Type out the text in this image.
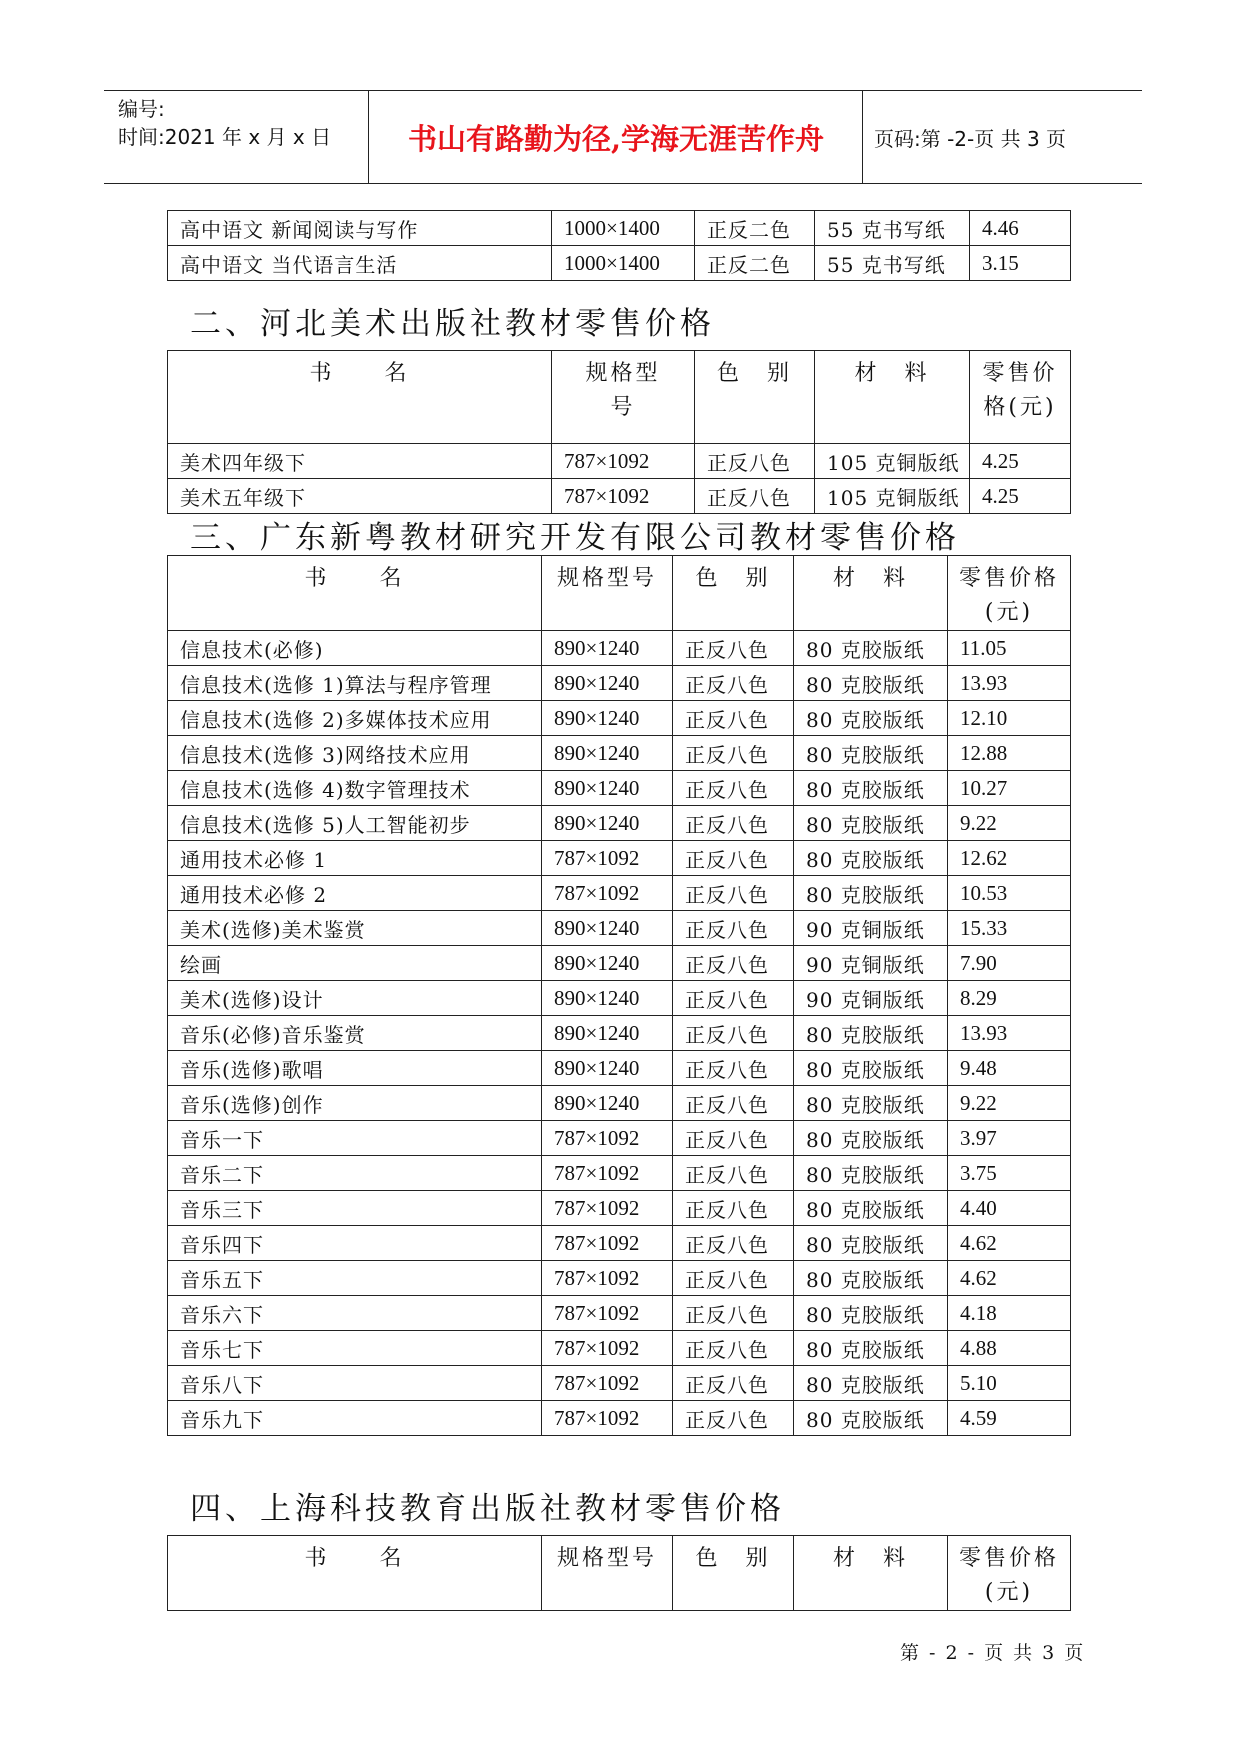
编号:
时间:2021 年 x 月 x 日	书山有路勤为径,学海无涯苦作舟	页码:第 -2-页 共 3 页
高中语文 新闻阅读与写作	1000×1400	正反二色	55 克书写纸	4.46
高中语文 当代语言生活	1000×1400	正反二色	55 克书写纸	3.15
二、河北美术出版社教材零售价格
书　　名	规格型号	色　别	材　料	零售价格(元)
美术四年级下	787×1092	正反八色	105 克铜版纸	4.25
美术五年级下	787×1092	正反八色	105 克铜版纸	4.25
三、广东新粤教材研究开发有限公司教材零售价格
书　　名	规格型号	色　别	材　料	零售价格(元)
信息技术(必修)	890×1240	正反八色	80 克胶版纸	11.05
信息技术(选修 1)算法与程序管理	890×1240	正反八色	80 克胶版纸	13.93
信息技术(选修 2)多媒体技术应用	890×1240	正反八色	80 克胶版纸	12.10
信息技术(选修 3)网络技术应用	890×1240	正反八色	80 克胶版纸	12.88
信息技术(选修 4)数字管理技术	890×1240	正反八色	80 克胶版纸	10.27
信息技术(选修 5)人工智能初步	890×1240	正反八色	80 克胶版纸	9.22
通用技术必修 1	787×1092	正反八色	80 克胶版纸	12.62
通用技术必修 2	787×1092	正反八色	80 克胶版纸	10.53
美术(选修)美术鉴赏	890×1240	正反八色	90 克铜版纸	15.33
绘画	890×1240	正反八色	90 克铜版纸	7.90
美术(选修)设计	890×1240	正反八色	90 克铜版纸	8.29
音乐(必修)音乐鉴赏	890×1240	正反八色	80 克胶版纸	13.93
音乐(选修)歌唱	890×1240	正反八色	80 克胶版纸	9.48
音乐(选修)创作	890×1240	正反八色	80 克胶版纸	9.22
音乐一下	787×1092	正反八色	80 克胶版纸	3.97
音乐二下	787×1092	正反八色	80 克胶版纸	3.75
音乐三下	787×1092	正反八色	80 克胶版纸	4.40
音乐四下	787×1092	正反八色	80 克胶版纸	4.62
音乐五下	787×1092	正反八色	80 克胶版纸	4.62
音乐六下	787×1092	正反八色	80 克胶版纸	4.18
音乐七下	787×1092	正反八色	80 克胶版纸	4.88
音乐八下	787×1092	正反八色	80 克胶版纸	5.10
音乐九下	787×1092	正反八色	80 克胶版纸	4.59
四、上海科技教育出版社教材零售价格
书　　名	规格型号	色　别	材　料	零售价格(元)
第 - 2 - 页 共 3 页
